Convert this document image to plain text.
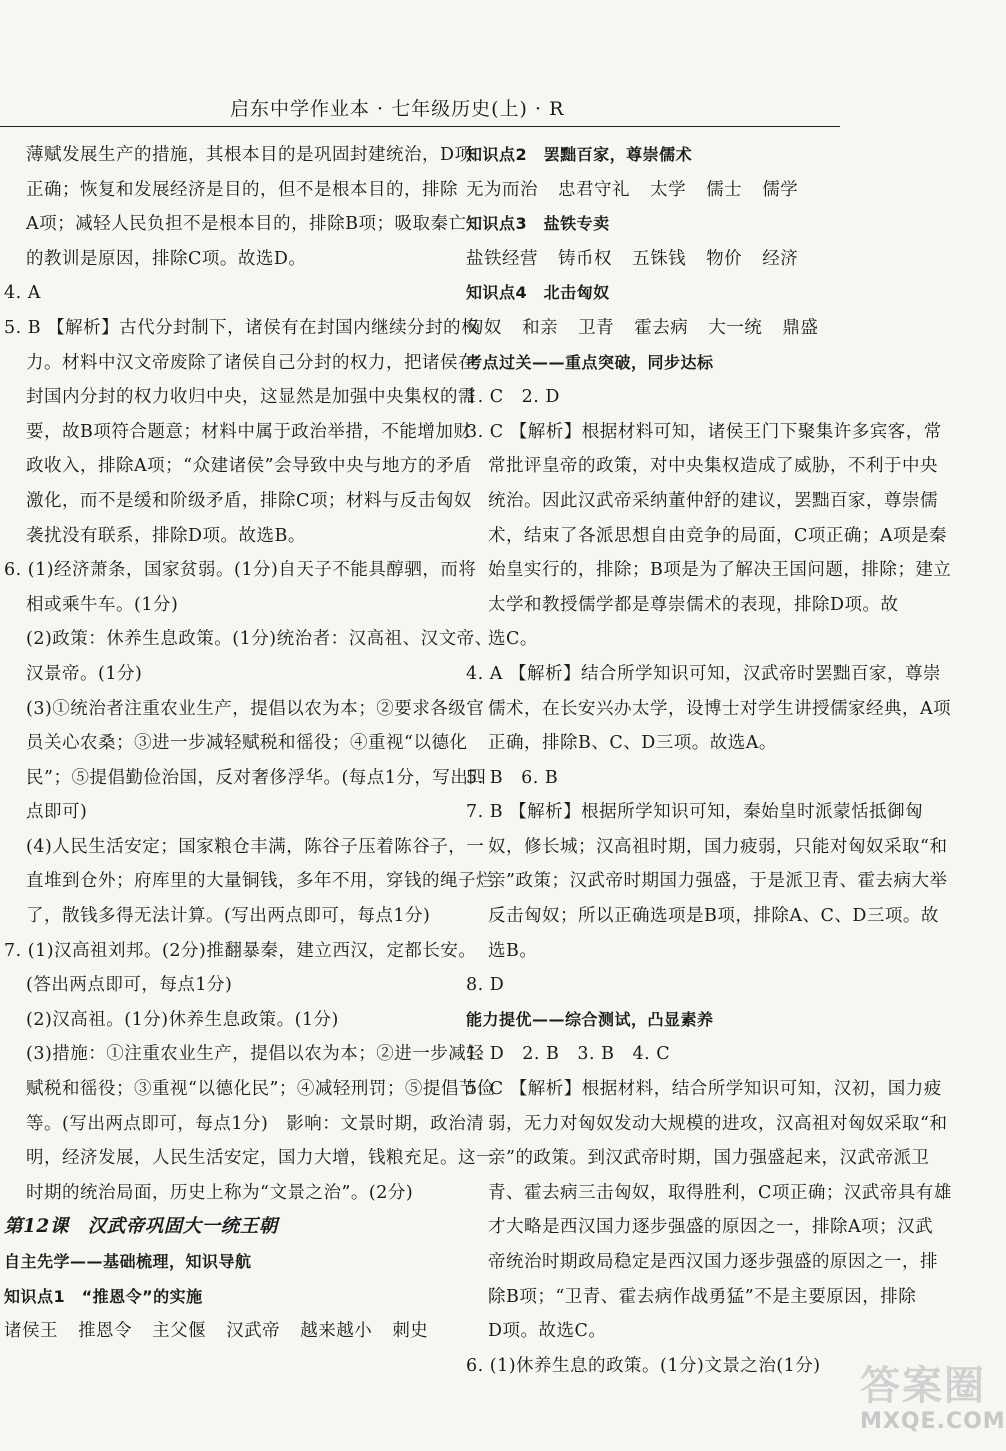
启东中学作业本 · 七年级历史(上) · R
薄赋发展生产的措施，其根本目的是巩固封建统治，D项
正确；恢复和发展经济是目的，但不是根本目的，排除
A项；减轻人民负担不是根本目的，排除B项；吸取秦亡
的教训是原因，排除C项。故选D。
4. A
5. B 【解析】古代分封制下，诸侯有在封国内继续分封的权
力。材料中汉文帝废除了诸侯自己分封的权力，把诸侯在
封国内分封的权力收归中央，这显然是加强中央集权的需
要，故B项符合题意；材料中属于政治举措，不能增加财
政收入，排除A项；“众建诸侯”会导致中央与地方的矛盾
激化，而不是缓和阶级矛盾，排除C项；材料与反击匈奴
袭扰没有联系，排除D项。故选B。
6. (1)经济萧条，国家贫弱。(1分)自天子不能具醇驷，而将
相或乘牛车。(1分)
(2)政策：休养生息政策。(1分)统治者：汉高祖、汉文帝、
汉景帝。(1分)
(3)①统治者注重农业生产，提倡以农为本；②要求各级官
员关心农桑；③进一步减轻赋税和徭役；④重视“以德化
民”；⑤提倡勤俭治国，反对奢侈浮华。(每点1分，写出四
点即可)
(4)人民生活安定；国家粮仓丰满，陈谷子压着陈谷子，一
直堆到仓外；府库里的大量铜钱，多年不用，穿钱的绳子烂
了，散钱多得无法计算。(写出两点即可，每点1分)
7. (1)汉高祖刘邦。(2分)推翻暴秦，建立西汉，定都长安。
(答出两点即可，每点1分)
(2)汉高祖。(1分)休养生息政策。(1分)
(3)措施：①注重农业生产，提倡以农为本；②进一步减轻
赋税和徭役；③重视“以德化民”；④减轻刑罚；⑤提倡节俭
等。(写出两点即可，每点1分)　影响：文景时期，政治清
明，经济发展，人民生活安定，国力大增，钱粮充足。这一
时期的统治局面，历史上称为“文景之治”。(2分)
第12课　汉武帝巩固大一统王朝
自主先学——基础梳理，知识导航
知识点1　“推恩令”的实施
诸侯王 推恩令 主父偃 汉武帝 越来越小 刺史
知识点2　罢黜百家，尊崇儒术
无为而治 忠君守礼 太学 儒士 儒学
知识点3　盐铁专卖
盐铁经营 铸币权 五铢钱 物价 经济
知识点4　北击匈奴
匈奴 和亲 卫青 霍去病 大一统 鼎盛
考点过关——重点突破，同步达标
1. C　2. D
3. C 【解析】根据材料可知，诸侯王门下聚集许多宾客，常
常批评皇帝的政策，对中央集权造成了威胁，不利于中央
统治。因此汉武帝采纳董仲舒的建议，罢黜百家，尊崇儒
术，结束了各派思想自由竞争的局面，C项正确；A项是秦
始皇实行的，排除；B项是为了解决王国问题，排除；建立
太学和教授儒学都是尊崇儒术的表现，排除D项。故
选C。
4. A 【解析】结合所学知识可知，汉武帝时罢黜百家，尊崇
儒术，在长安兴办太学，设博士对学生讲授儒家经典，A项
正确，排除B、C、D三项。故选A。
5. B　6. B
7. B 【解析】根据所学知识可知，秦始皇时派蒙恬抵御匈
奴，修长城；汉高祖时期，国力疲弱，只能对匈奴采取“和
亲”政策；汉武帝时期国力强盛，于是派卫青、霍去病大举
反击匈奴；所以正确选项是B项，排除A、C、D三项。故
选B。
8. D
能力提优——综合测试，凸显素养
1. D　2. B　3. B　4. C
5. C 【解析】根据材料，结合所学知识可知，汉初，国力疲
弱，无力对匈奴发动大规模的进攻，汉高祖对匈奴采取“和
亲”的政策。到汉武帝时期，国力强盛起来，汉武帝派卫
青、霍去病三击匈奴，取得胜利，C项正确；汉武帝具有雄
才大略是西汉国力逐步强盛的原因之一，排除A项；汉武
帝统治时期政局稳定是西汉国力逐步强盛的原因之一，排
除B项；“卫青、霍去病作战勇猛”不是主要原因，排除
D项。故选C。
6. (1)休养生息的政策。(1分)文景之治(1分) 答案圈
MXQE.COM
